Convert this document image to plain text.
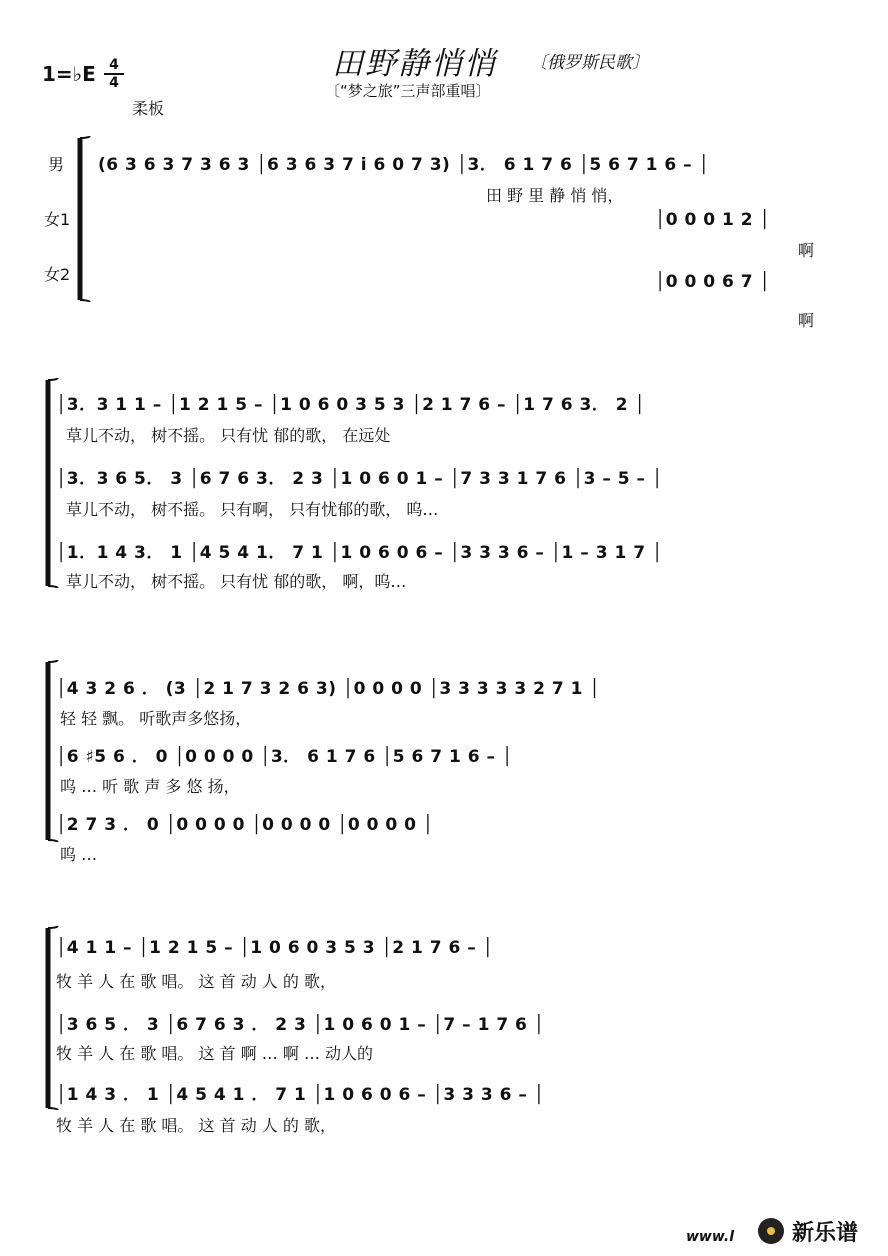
1=♭E 4
4
柔板
田野静悄悄 〔俄罗斯民歌〕
〔“梦之旅”三声部重唱〕
男
女1
女2
(6 3 6 3 7 3 6 3 │6 3 6 3 7 i 6 0 7 3) │3． 6 1 7 6 │5 6 7 1 6 – │
田 野 里 静 悄 悄，
│0 0 0 1 2 │
啊
│0 0 0 6 7 │
啊
│3．3 1 1 – │1 2 1 5 – │1 0 6 0 3 5 3 │2 1 7 6 – │1 7 6 3． 2 │
草儿不动， 树不摇。 只有忧 郁的歌， 在远处
│3．3 6 5． 3 │6 7 6 3． 2 3 │1 0 6 0 1 – │7 3 3 1 7 6 │3 – 5 – │
草儿不动， 树不摇。 只有啊， 只有忧郁的歌， 呜…
│1．1 4 3． 1 │4 5 4 1． 7 1 │1 0 6 0 6 – │3 3 3 6 – │1 – 3 1 7 │
草儿不动， 树不摇。 只有忧 郁的歌， 啊，呜…
│4 3 2 6 ． (3 │2 1 7 3 2 6 3) │0 0 0 0 │3 3 3 3 3 2 7 1 │
轻 轻 飘。 听歌声多悠扬，
│6 ♯5 6 ． 0 │0 0 0 0 │3． 6 1 7 6 │5 6 7 1 6 – │
呜 … 听 歌 声 多 悠 扬，
│2 7 3 ． 0 │0 0 0 0 │0 0 0 0 │0 0 0 0 │
呜 …
│4 1 1 – │1 2 1 5 – │1 0 6 0 3 5 3 │2 1 7 6 – │
牧 羊 人 在 歌 唱。 这 首 动 人 的 歌，
│3 6 5 ． 3 │6 7 6 3 ． 2 3 │1 0 6 0 1 – │7 – 1 7 6 │
牧 羊 人 在 歌 唱。 这 首 啊 … 啊 … 动人的
│1 4 3 ． 1 │4 5 4 1 ． 7 1 │1 0 6 0 6 – │3 3 3 6 – │
牧 羊 人 在 歌 唱。 这 首 动 人 的 歌，
www.l	新乐谱
